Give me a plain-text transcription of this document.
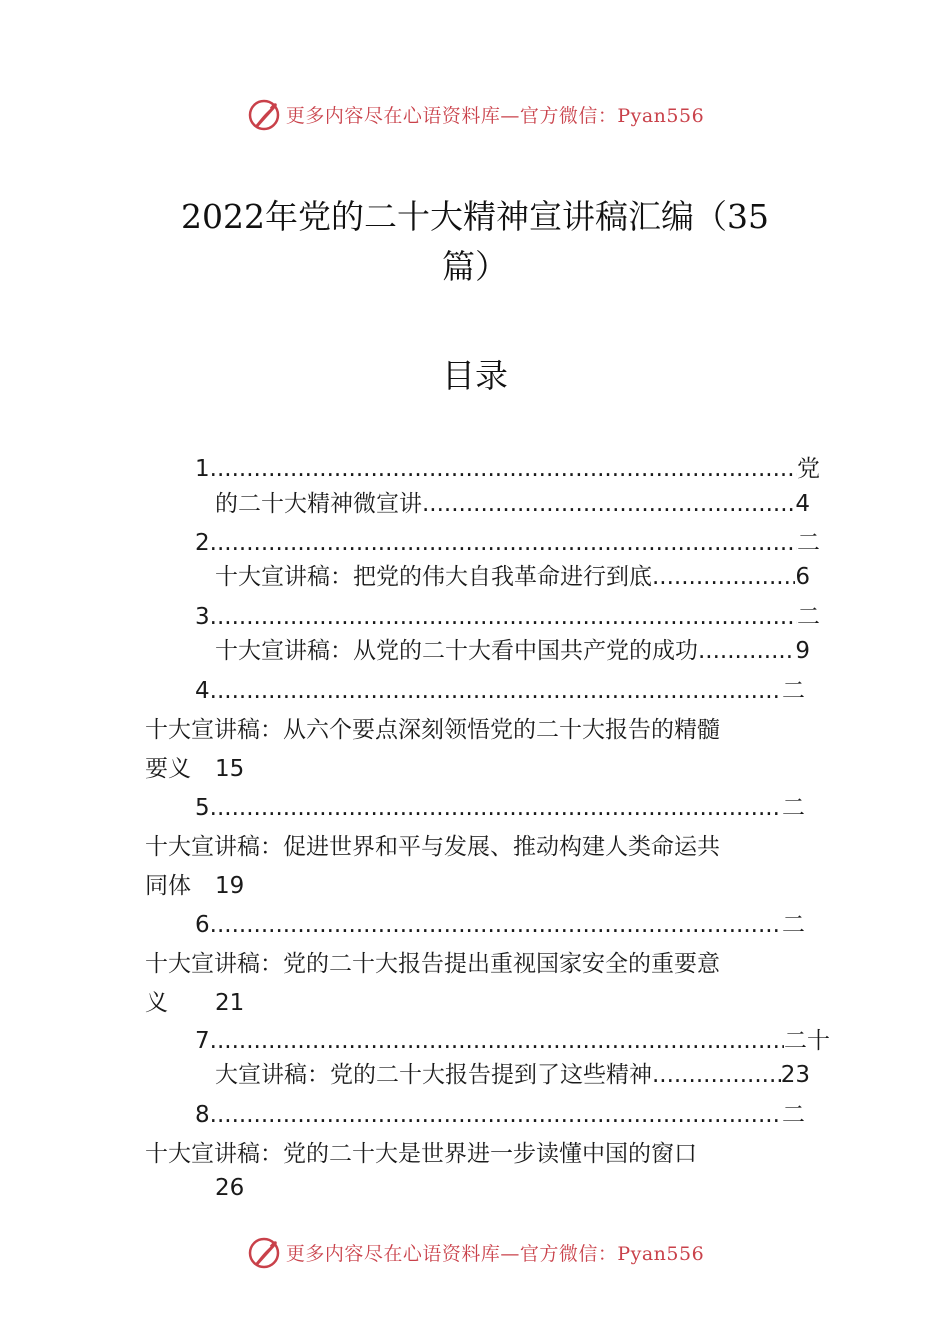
更多内容尽在心语资料库—官方微信：Pyan556
2022年党的二十大精神宣讲稿汇编（35
篇）
目录
1 .....	党
的二十大精神微宣讲 .....	4
2 .....	二
十大宣讲稿：把党的伟大自我革命进行到底 .....	6
3 .....	二
十大宣讲稿：从党的二十大看中国共产党的成功 .....	9
4 .....	二
十大宣讲稿：从六个要点深刻领悟党的二十大报告的精髓
要义	15
5 .....	二
十大宣讲稿：促进世界和平与发展、推动构建人类命运共
同体	19
6 .....	二
十大宣讲稿：党的二十大报告提出重视国家安全的重要意
义	21
7 .....	二十
大宣讲稿：党的二十大报告提到了这些精神 .....	23
8 .....	二
十大宣讲稿：党的二十大是世界进一步读懂中国的窗口
26
更多内容尽在心语资料库—官方微信：Pyan556
